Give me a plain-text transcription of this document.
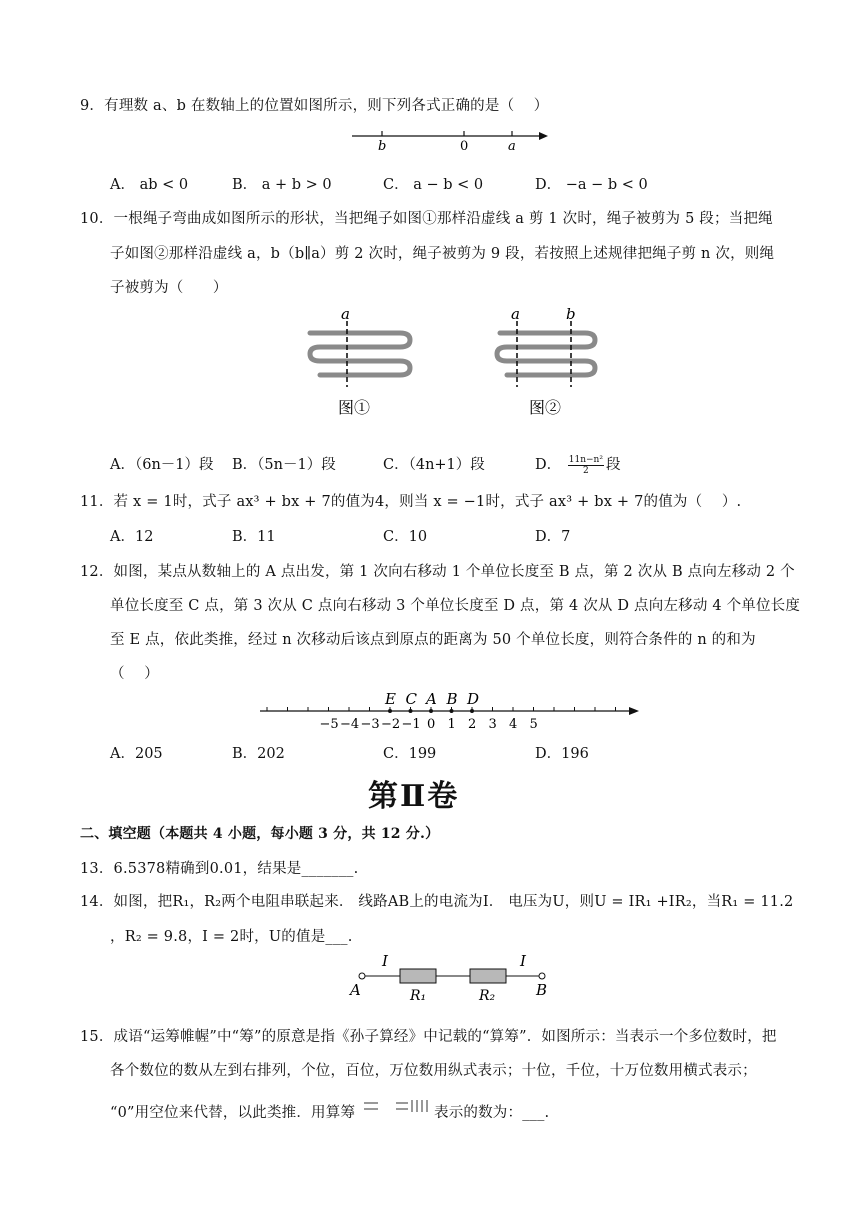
9．有理数 a、b 在数轴上的位置如图所示，则下列各式正确的是（　 ）
b	0	a
A． ab < 0	B． a + b > 0	C． a − b < 0	D． −a − b < 0
10．一根绳子弯曲成如图所示的形状，当把绳子如图①那样沿虚线 a 剪 1 次时，绳子被剪为 5 段；当把绳
子如图②那样沿虚线 a，b（b∥a）剪 2 次时，绳子被剪为 9 段，若按照上述规律把绳子剪 n 次，则绳
子被剪为（　　）
a
图①
a	b
图②
A．（6n－1）段 B．（5n－1）段	C．（4n+1）段	D． $\frac{\text{11n−n²}}{2}$ 段
11．若 x = 1时，式子 ax³ + bx + 7的值为4，则当 x = −1时，式子 ax³ + bx + 7的值为（　 ）.
A．12	B．11	C．10	D．7
12．如图，某点从数轴上的 A 点出发，第 1 次向右移动 1 个单位长度至 B 点，第 2 次从 B 点向左移动 2 个
单位长度至 C 点，第 3 次从 C 点向右移动 3 个单位长度至 D 点，第 4 次从 D 点向左移动 4 个单位长度
至 E 点，依此类推，经过 n 次移动后该点到原点的距离为 50 个单位长度，则符合条件的 n 的和为
（　 ）
−5 −4 −3 −2 −1 0 1 2 3 4 5
E C A B D
A．205	B．202	C．199	D．196
第Ⅱ卷
二、填空题（本题共 4 小题，每小题 3 分，共 12 分.）
13．6.5378精确到0.01，结果是_______.
14．如图，把R₁，R₂两个电阻串联起来． 线路AB上的电流为I． 电压为U，则U = IR₁ +IR₂，当R₁ = 11.2
，R₂ = 9.8，I = 2时，U的值是___.
I	I
A	B
R₁	R₂
15．成语“运筹帷幄”中“筹”的原意是指《孙子算经》中记载的“算筹”．如图所示：当表示一个多位数时，把
各个数位的数从左到右排列，个位，百位，万位数用纵式表示；十位，千位，十万位数用横式表示；
“0”用空位来代替，以此类推．用算筹	表示的数为：___.
